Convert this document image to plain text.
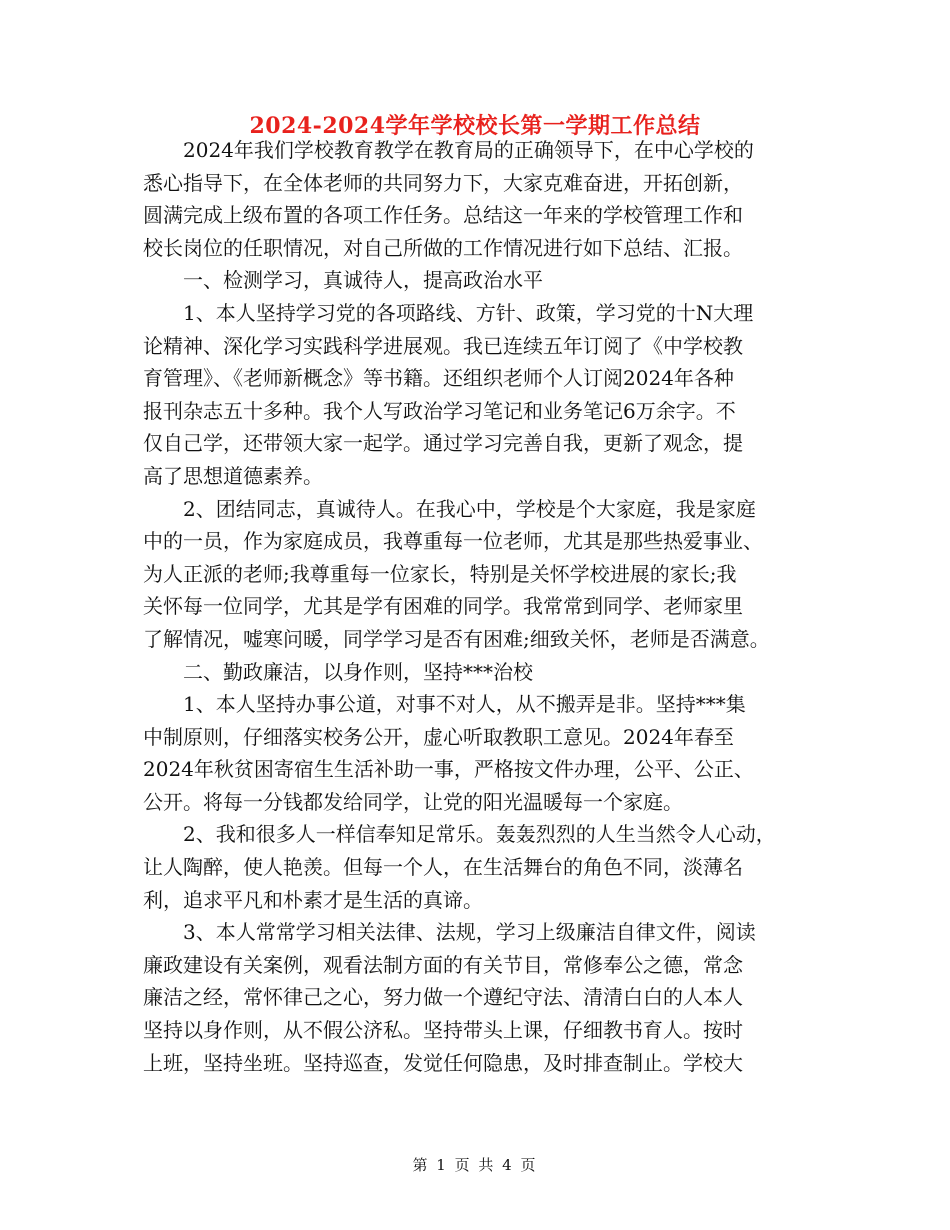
2024-2024学年学校校长第一学期工作总结
　　2024年我们学校教育教学在教育局的正确领导下，在中心学校的
悉心指导下，在全体老师的共同努力下，大家克难奋进，开拓创新，
圆满完成上级布置的各项工作任务。总结这一年来的学校管理工作和
校长岗位的任职情况，对自己所做的工作情况进行如下总结、汇报。
　　一、检测学习，真诚待人，提高政治水平
　　1、本人坚持学习党的各项路线、方针、政策，学习党的十N大理
论精神、深化学习实践科学进展观。我已连续五年订阅了《中学校教
育管理》、《老师新概念》等书籍。还组织老师个人订阅2024年各种
报刊杂志五十多种。我个人写政治学习笔记和业务笔记6万余字。不
仅自己学，还带领大家一起学。通过学习完善自我，更新了观念，提
高了思想道德素养。
　　2、团结同志，真诚待人。在我心中，学校是个大家庭，我是家庭
中的一员，作为家庭成员，我尊重每一位老师，尤其是那些热爱事业、
为人正派的老师;我尊重每一位家长，特别是关怀学校进展的家长;我
关怀每一位同学，尤其是学有困难的同学。我常常到同学、老师家里
了解情况，嘘寒问暖，同学学习是否有困难;细致关怀，老师是否满意。
　　二、勤政廉洁，以身作则，坚持***治校
　　1、本人坚持办事公道，对事不对人，从不搬弄是非。坚持***集
中制原则，仔细落实校务公开，虚心听取教职工意见。2024年春至
2024年秋贫困寄宿生生活补助一事，严格按文件办理，公平、公正、
公开。将每一分钱都发给同学，让党的阳光温暖每一个家庭。
　　2、我和很多人一样信奉知足常乐。轰轰烈烈的人生当然令人心动，
让人陶醉，使人艳羡。但每一个人，在生活舞台的角色不同，淡薄名
利，追求平凡和朴素才是生活的真谛。
　　3、本人常常学习相关法律、法规，学习上级廉洁自律文件，阅读
廉政建设有关案例，观看法制方面的有关节目，常修奉公之德，常念
廉洁之经，常怀律己之心，努力做一个遵纪守法、清清白白的人本人
坚持以身作则，从不假公济私。坚持带头上课，仔细教书育人。按时
上班，坚持坐班。坚持巡查，发觉任何隐患，及时排查制止。学校大
第 1 页 共 4 页
